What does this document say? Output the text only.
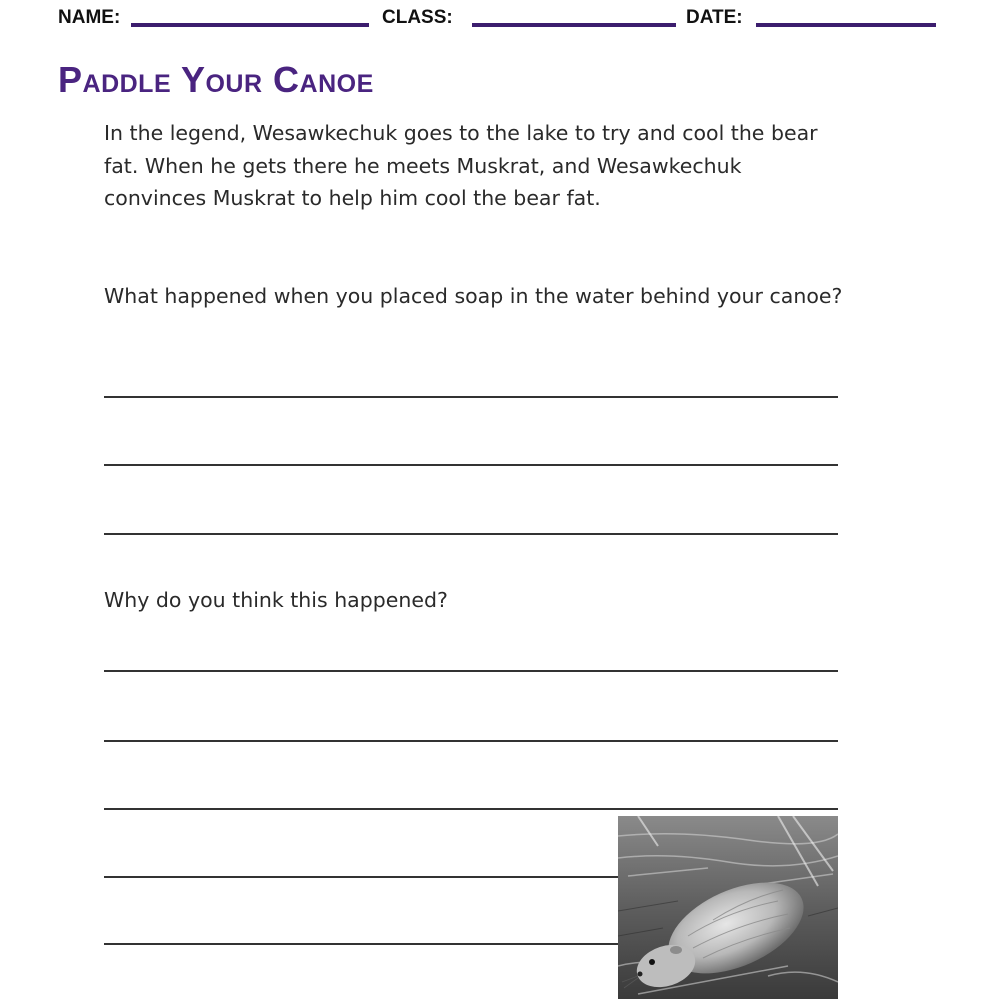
NAME:	CLASS:	DATE:
Paddle Your Canoe

In the legend, Wesawkechuk goes to the lake to try and cool the bear fat. When he gets there he meets Muskrat, and Wesawkechuk convinces Muskrat to help him cool the bear fat.

What happened when you placed soap in the water behind your canoe?

Why do you think this happened?
